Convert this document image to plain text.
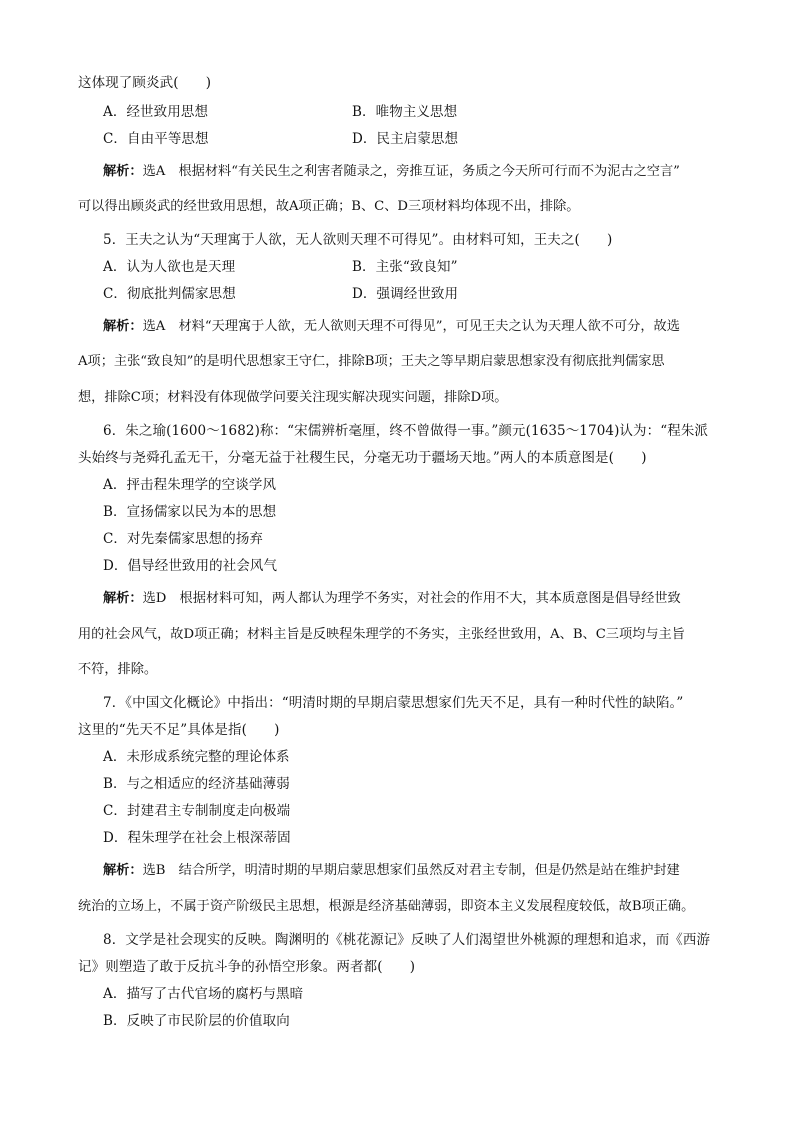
这体现了顾炎武(　　)
A．经世致用思想	B．唯物主义思想
C．自由平等思想	D．民主启蒙思想
解析：选A　根据材料“有关民生之利害者随录之，旁推互证，务质之今天所可行而不为泥古之空言”
可以得出顾炎武的经世致用思想，故A项正确；B、C、D三项材料均体现不出，排除。
5．王夫之认为“天理寓于人欲，无人欲则天理不可得见”。由材料可知，王夫之(　　)
A．认为人欲也是天理	B．主张“致良知”
C．彻底批判儒家思想	D．强调经世致用
解析：选A　材料“天理寓于人欲，无人欲则天理不可得见”，可见王夫之认为天理人欲不可分，故选
A项；主张“致良知”的是明代思想家王守仁，排除B项；王夫之等早期启蒙思想家没有彻底批判儒家思
想，排除C项；材料没有体现做学问要关注现实解决现实问题，排除D项。
6．朱之瑜(1600～1682)称：“宋儒辨析毫厘，终不曾做得一事。”颜元(1635～1704)认为：“程朱派
头始终与尧舜孔孟无干，分毫无益于社稷生民，分毫无功于疆场天地。”两人的本质意图是(　　)
A．抨击程朱理学的空谈学风
B．宣扬儒家以民为本的思想
C．对先秦儒家思想的扬弃
D．倡导经世致用的社会风气
解析：选D　根据材料可知，两人都认为理学不务实，对社会的作用不大，其本质意图是倡导经世致
用的社会风气，故D项正确；材料主旨是反映程朱理学的不务实，主张经世致用，A、B、C三项均与主旨
不符，排除。
7．《中国文化概论》中指出：“明清时期的早期启蒙思想家们先天不足，具有一种时代性的缺陷。”
这里的“先天不足”具体是指(　　)
A．未形成系统完整的理论体系
B．与之相适应的经济基础薄弱
C．封建君主专制制度走向极端
D．程朱理学在社会上根深蒂固
解析：选B　结合所学，明清时期的早期启蒙思想家们虽然反对君主专制，但是仍然是站在维护封建
统治的立场上，不属于资产阶级民主思想，根源是经济基础薄弱，即资本主义发展程度较低，故B项正确。
8．文学是社会现实的反映。陶渊明的《桃花源记》反映了人们渴望世外桃源的理想和追求，而《西游
记》则塑造了敢于反抗斗争的孙悟空形象。两者都(　　)
A．描写了古代官场的腐朽与黑暗
B．反映了市民阶层的价值取向
